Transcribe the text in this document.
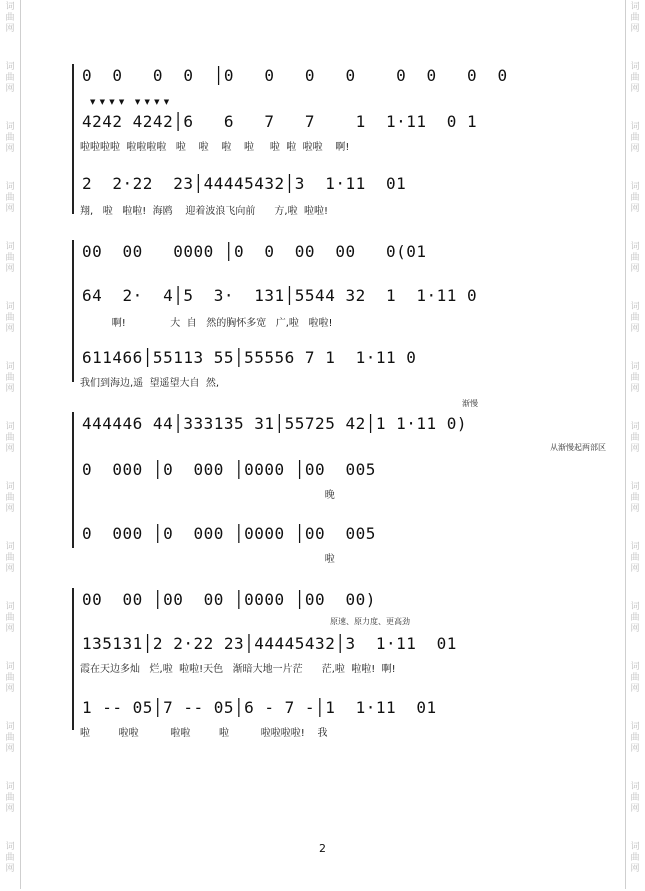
词曲网
词曲网
词曲网
词曲网
词曲网
词曲网
词曲网
词曲网
词曲网
词曲网
词曲网
词曲网
词曲网
词曲网
词曲网
词曲网
词曲网
词曲网
词曲网
词曲网
词曲网
词曲网
词曲网
词曲网
词曲网
词曲网
词曲网
词曲网
词曲网
词曲网
▼ ▼ ▼ ▼   ▼ ▼ ▼ ▼
0  0   0  0  │0   0   0   0    0  0   0  0
4242 4242│6   6   7   7    1  1·11  0 1
啦啦啦啦  啦啦啦啦   啦    啦    啦    啦     啦  啦  啦啦    啊!
2  2·22  23│44445432│3  1·11  01
翔,   啦   啦啦!  海鸥    迎着波浪飞向前      方,啦  啦啦!
00  00   0000 │0  0  00  00   0(01
64  2·  4│5  3·  131│5544 32  1  1·11 0
啊!              大  自   然的胸怀多宽   广,啦   啦啦!
611466│55113 55│55556 7 1  1·11 0
我们到海边,遥  望遥望大自  然,
渐慢
从渐慢起两部区
444446 44│333135 31│55725 42│1 1·11 0)
0  000 │0  000 │0000 │00  005
晚
0  000 │0  000 │0000 │00  005
啦
原速、原力度、更高劲
00  00 │00  00 │0000 │00  00)
135131│2 2·22 23│44445432│3  1·11  01
霞在天边多灿   烂,啦  啦啦!天色   渐暗大地一片茫      茫,啦  啦啦!  啊!
1 -- 05│7 -- 05│6 - 7 -│1  1·11  01
啦         啦啦          啦啦         啦          啦啦啦啦!    我
2
